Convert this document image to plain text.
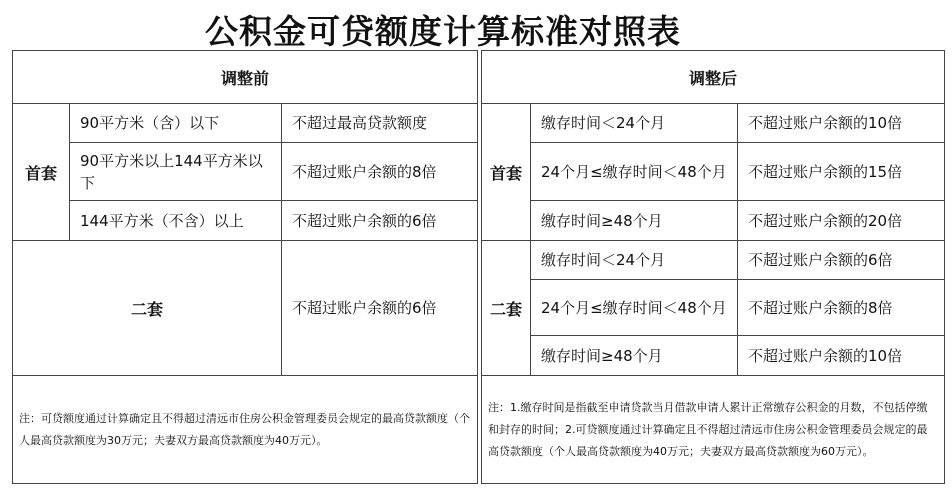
公积金可贷额度计算标准对照表
调整前		
首套	90平方米（含）以下	不超过最高贷款额度
	90平方米以上144平方米以下	不超过账户余额的8倍
	144平方米（不含）以上	不超过账户余额的6倍
二套		不超过账户余额的6倍
注：可贷额度通过计算确定且不得超过清远市住房公积金管理委员会规定的最高贷款额度（个人最高贷款额度为30万元；夫妻双方最高贷款额度为40万元）。		
调整后		
首套	缴存时间＜24个月	不超过账户余额的10倍
	24个月≤缴存时间＜48个月	不超过账户余额的15倍
	缴存时间≥48个月	不超过账户余额的20倍
二套	缴存时间＜24个月	不超过账户余额的6倍
	24个月≤缴存时间＜48个月	不超过账户余额的8倍
	缴存时间≥48个月	不超过账户余额的10倍
注：1.缴存时间是指截至申请贷款当月借款申请人累计正常缴存公积金的月数，不包括停缴和封存的时间；2.可贷额度通过计算确定且不得超过清远市住房公积金管理委员会规定的最高贷款额度（个人最高贷款额度为40万元；夫妻双方最高贷款额度为60万元）。		
